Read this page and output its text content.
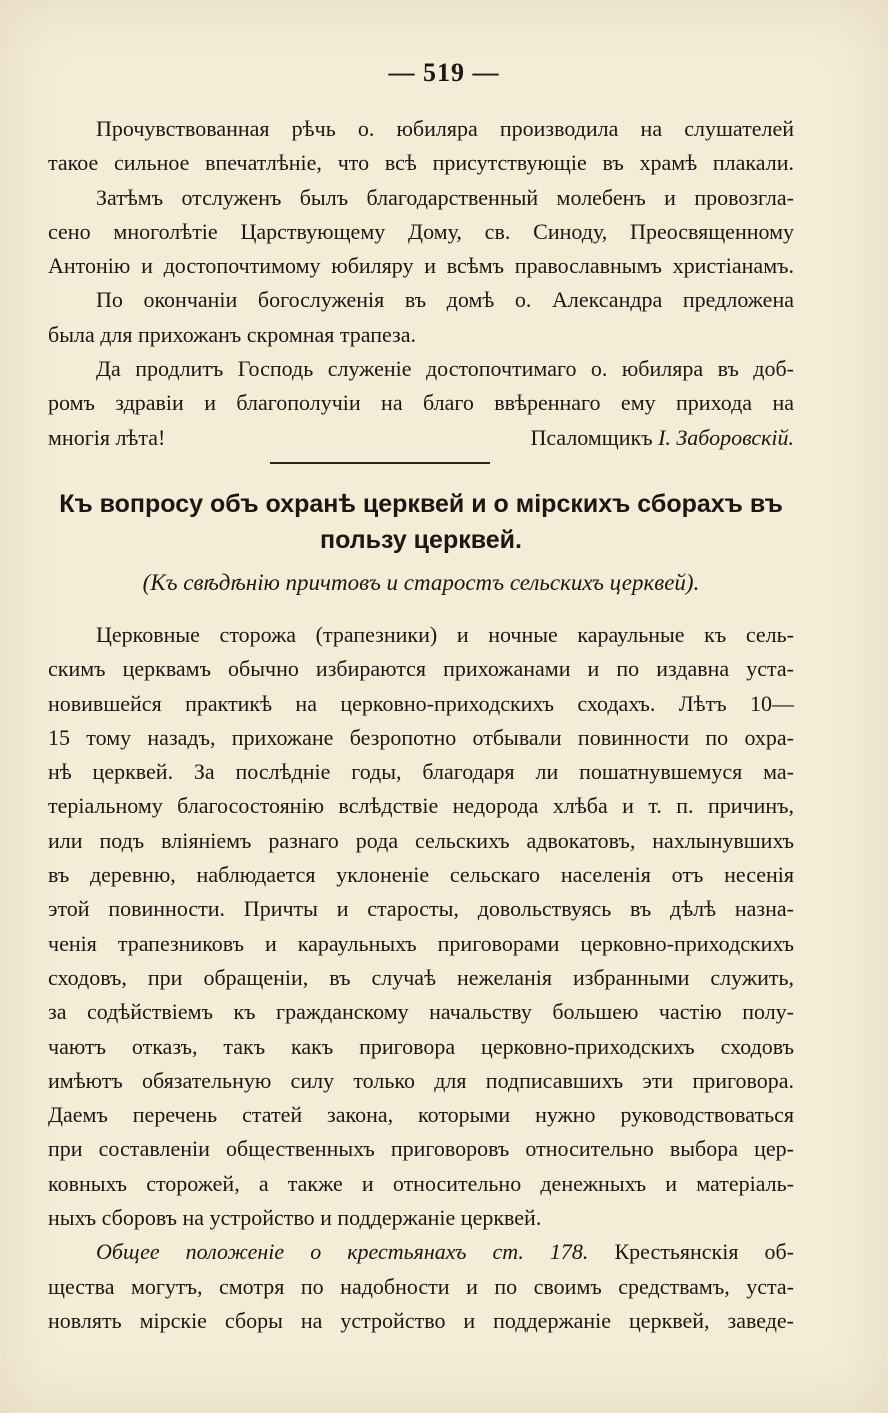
— 519 —
Прочувствованная рѣчь о. юбиляра производила на слушателей
такое сильное впечатлѣніе, что всѣ присутствующіе въ храмѣ плакали.
Затѣмъ отслуженъ былъ благодарственный молебенъ и провозгла-
сено многолѣтіе Царствующему Дому, св. Синоду, Преосвященному
Антонію и достопочтимому юбиляру и всѣмъ православнымъ христіанамъ.
По окончаніи богослуженія въ домѣ о. Александра предложена
была для прихожанъ скромная трапеза.
Да продлитъ Господь служеніе достопочтимаго о. юбиляра въ доб-
ромъ здравіи и благополучіи на благо ввѣреннаго ему прихода на
многія лѣта!	Псаломщикъ І. Заборовскій.
Къ вопросу объ охранѣ церквей и о мірскихъ сборахъ въ
пользу церквей.
(Къ свѣдѣнію причтовъ и старостъ сельскихъ церквей).
Церковные сторожа (трапезники) и ночные караульные къ сель-
скимъ церквамъ обычно избираются прихожанами и по издавна уста-
новившейся практикѣ на церковно-приходскихъ сходахъ. Лѣтъ 10—
15 тому назадъ, прихожане безропотно отбывали повинности по охра-
нѣ церквей. За послѣдніе годы, благодаря ли пошатнувшемуся ма-
теріальному благосостоянію вслѣдствіе недорода хлѣба и т. п. причинъ,
или подъ вліяніемъ разнаго рода сельскихъ адвокатовъ, нахлынувшихъ
въ деревню, наблюдается уклоненіе сельскаго населенія отъ несенія
этой повинности. Причты и старосты, довольствуясь въ дѣлѣ назна-
ченія трапезниковъ и караульныхъ приговорами церковно-приходскихъ
сходовъ, при обращеніи, въ случаѣ нежеланія избранными служить,
за содѣйствіемъ къ гражданскому начальству большею частію полу-
чаютъ отказъ, такъ какъ приговора церковно-приходскихъ сходовъ
имѣютъ обязательную силу только для подписавшихъ эти приговора.
Даемъ перечень статей закона, которыми нужно руководствоваться
при составленіи общественныхъ приговоровъ относительно выбора цер-
ковныхъ сторожей, а также и относительно денежныхъ и матеріаль-
ныхъ сборовъ на устройство и поддержаніе церквей.
Общее положеніе о крестьянахъ ст. 178. Крестьянскія об-
щества могутъ, смотря по надобности и по своимъ средствамъ, уста-
новлять мірскіе сборы на устройство и поддержаніе церквей, заведе-
